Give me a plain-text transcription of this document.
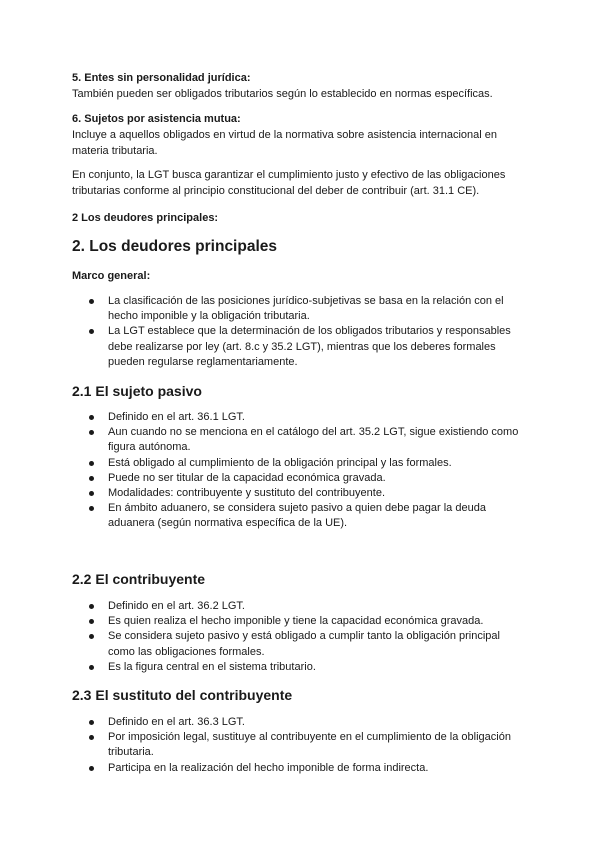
5. Entes sin personalidad jurídica:

También pueden ser obligados tributarios según lo establecido en normas específicas.

6. Sujetos por asistencia mutua:

Incluye a aquellos obligados en virtud de la normativa sobre asistencia internacional en materia tributaria.

En conjunto, la LGT busca garantizar el cumplimiento justo y efectivo de las obligaciones tributarias conforme al principio constitucional del deber de contribuir (art. 31.1 CE).

2 Los deudores principales:

2. Los deudores principales

Marco general:

La clasificación de las posiciones jurídico-subjetivas se basa en la relación con el hecho imponible y la obligación tributaria.
La LGT establece que la determinación de los obligados tributarios y responsables debe realizarse por ley (art. 8.c y 35.2 LGT), mientras que los deberes formales pueden regularse reglamentariamente.

2.1 El sujeto pasivo

Definido en el art. 36.1 LGT.
Aun cuando no se menciona en el catálogo del art. 35.2 LGT, sigue existiendo como figura autónoma.
Está obligado al cumplimiento de la obligación principal y las formales.
Puede no ser titular de la capacidad económica gravada.
Modalidades: contribuyente y sustituto del contribuyente.
En ámbito aduanero, se considera sujeto pasivo a quien debe pagar la deuda aduanera (según normativa específica de la UE).

2.2 El contribuyente

Definido en el art. 36.2 LGT.
Es quien realiza el hecho imponible y tiene la capacidad económica gravada.
Se considera sujeto pasivo y está obligado a cumplir tanto la obligación principal como las obligaciones formales.
Es la figura central en el sistema tributario.

2.3 El sustituto del contribuyente

Definido en el art. 36.3 LGT.
Por imposición legal, sustituye al contribuyente en el cumplimiento de la obligación tributaria.
Participa en la realización del hecho imponible de forma indirecta.
